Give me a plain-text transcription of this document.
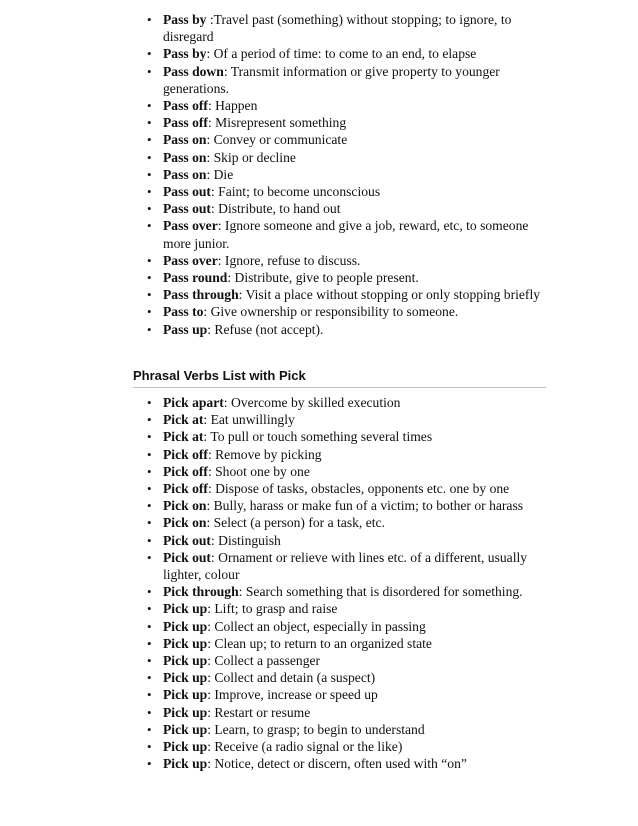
• Pass by :Travel past (something) without stopping; to ignore, to disregard
• Pass by: Of a period of time: to come to an end, to elapse
• Pass down: Transmit information or give property to younger generations.
• Pass off: Happen
• Pass off: Misrepresent something
• Pass on: Convey or communicate
• Pass on: Skip or decline
• Pass on: Die
• Pass out: Faint; to become unconscious
• Pass out: Distribute, to hand out
• Pass over: Ignore someone and give a job, reward, etc, to someone more junior.
• Pass over: Ignore, refuse to discuss.
• Pass round: Distribute, give to people present.
• Pass through: Visit a place without stopping or only stopping briefly
• Pass to: Give ownership or responsibility to someone.
• Pass up: Refuse (not accept).
Phrasal Verbs List with Pick
• Pick apart: Overcome by skilled execution
• Pick at: Eat unwillingly
• Pick at: To pull or touch something several times
• Pick off: Remove by picking
• Pick off: Shoot one by one
• Pick off: Dispose of tasks, obstacles, opponents etc. one by one
• Pick on: Bully, harass or make fun of a victim; to bother or harass
• Pick on: Select (a person) for a task, etc.
• Pick out: Distinguish
• Pick out: Ornament or relieve with lines etc. of a different, usually lighter, colour
• Pick through: Search something that is disordered for something.
• Pick up: Lift; to grasp and raise
• Pick up: Collect an object, especially in passing
• Pick up: Clean up; to return to an organized state
• Pick up: Collect a passenger
• Pick up: Collect and detain (a suspect)
• Pick up: Improve, increase or speed up
• Pick up: Restart or resume
• Pick up: Learn, to grasp; to begin to understand
• Pick up: Receive (a radio signal or the like)
• Pick up: Notice, detect or discern, often used with “on”
